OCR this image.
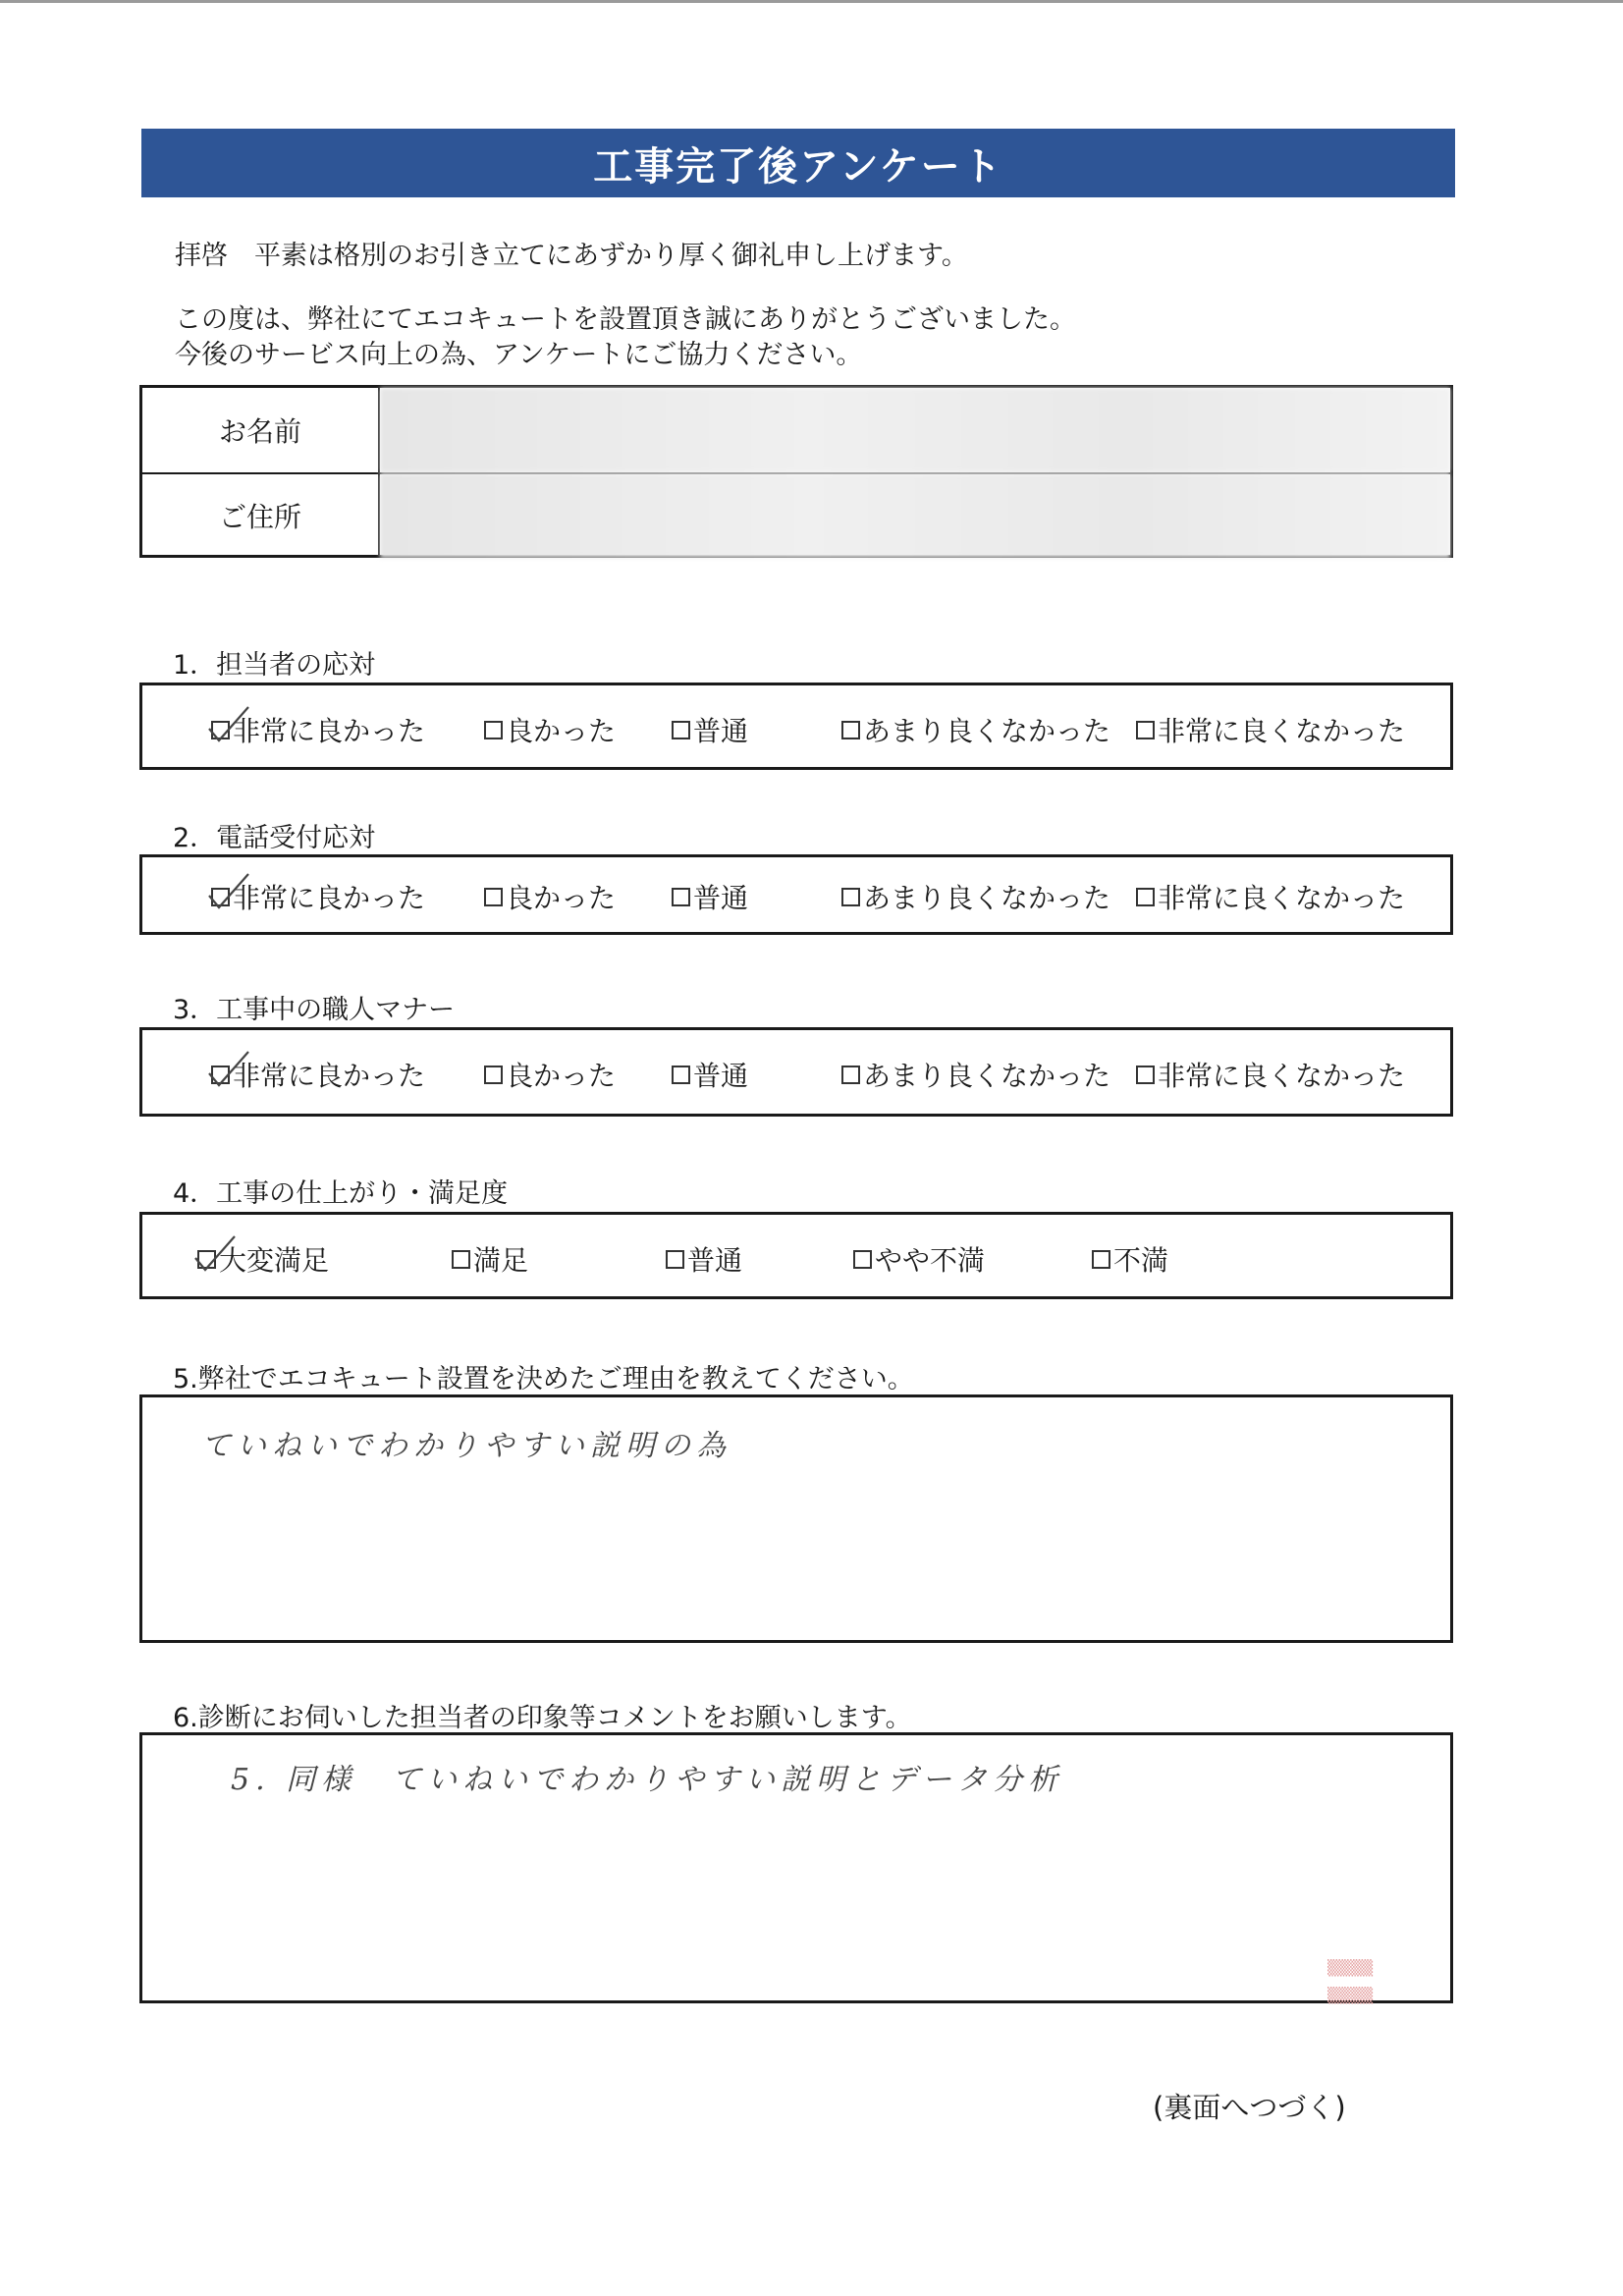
工事完了後アンケート
拝啓　平素は格別のお引き立てにあずかり厚く御礼申し上げます。
この度は、弊社にてエコキュートを設置頂き誠にありがとうございました。
今後のサービス向上の為、アンケートにご協力ください。
お名前
ご住所
1．担当者の応対
非常に良かった	良かった	普通	あまり良くなかった 非常に良くなかった
2．電話受付応対
非常に良かった	良かった	普通	あまり良くなかった 非常に良くなかった
3．工事中の職人マナー
非常に良かった	良かった	普通	あまり良くなかった 非常に良くなかった
4．工事の仕上がり・満足度
大変満足	満足	普通	やや不満	不満
5.弊社でエコキュート設置を決めたご理由を教えてください。
ていねいでわかりやすい説明の為
6.診断にお伺いした担当者の印象等コメントをお願いします。
5. 同様　ていねいでわかりやすい説明とデータ分析
▒▒▒▒
▒▒▒▒
(裏面へつづく)
